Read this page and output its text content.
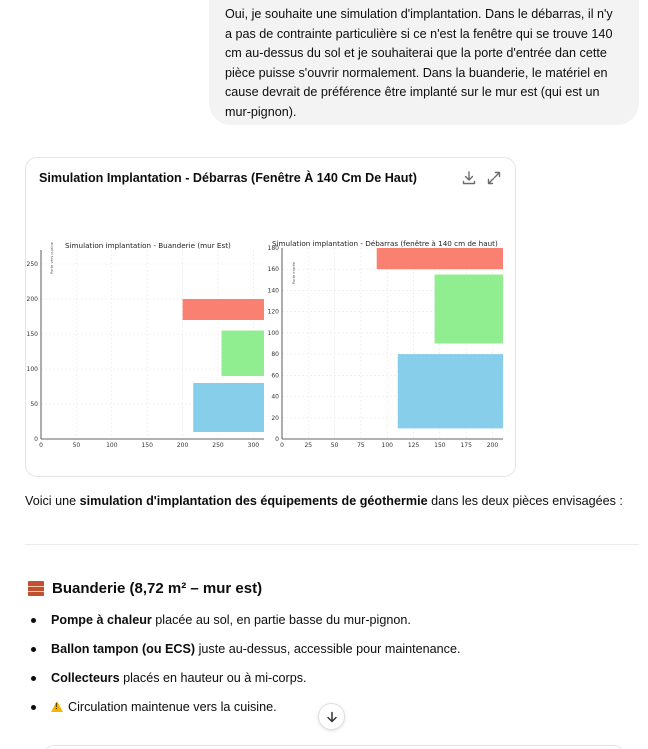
Oui, je souhaite une simulation d'implantation. Dans le débarras, il n'y a pas de contrainte particulière si ce n'est la fenêtre qui se trouve 140 cm au-dessus du sol et je souhaiterai que la porte d'entrée dan cette pièce puisse s'ouvrir normalement. Dans la buanderie, le matériel en cause devrait de préférence être implanté sur le mur est (qui est un mur-pignon).
0	50	100	150	200	250	300
0
50
100
150
200
250
Simulation implantation - Buanderie (mur Est)
Porte vers cuisine
0	25	50	75	100 125 150 175 200
0
20
40
60
80
100
120
140
160
180
Simulation implantation - Débarras (fenêtre à 140 cm de haut)
Porte entrée
Simulation Implantation - Débarras (Fenêtre À 140 Cm De Haut)
Voici une simulation d'implantation des équipements de géothermie dans les deux pièces envisagées :
Buanderie (8,72 m² – mur est)
Pompe à chaleur placée au sol, en partie basse du mur-pignon.
Ballon tampon (ou ECS) juste au-dessus, accessible pour maintenance.
Collecteurs placés en hauteur ou à mi-corps.
!Circulation maintenue vers la cuisine.
